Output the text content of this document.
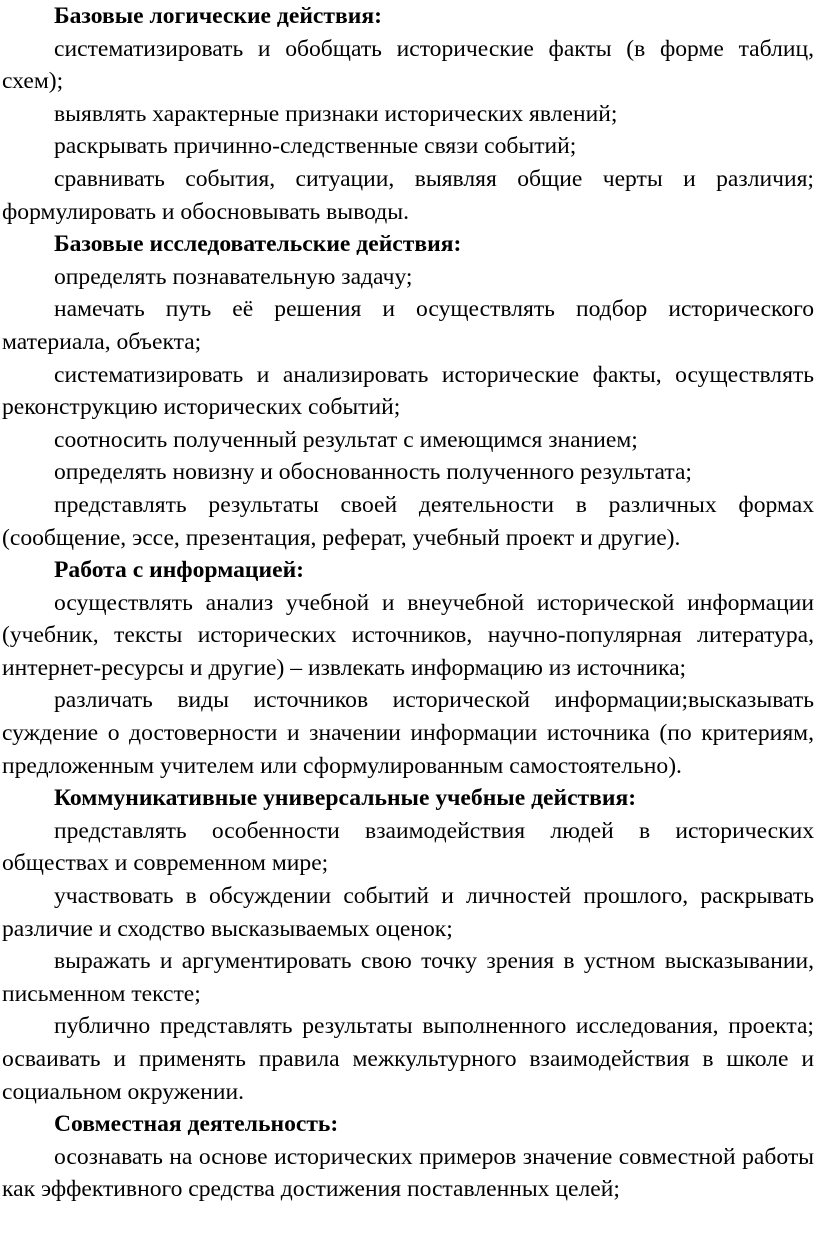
Базовые логические действия:

систематизировать и обобщать исторические факты (в форме таблиц, схем);

выявлять характерные признаки исторических явлений;

раскрывать причинно-следственные связи событий;

сравнивать события, ситуации, выявляя общие черты и различия; формулировать и обосновывать выводы.

Базовые исследовательские действия:

определять познавательную задачу;

намечать путь её решения и осуществлять подбор исторического материала, объекта;

систематизировать и анализировать исторические факты, осуществлять реконструкцию исторических событий;

соотносить полученный результат с имеющимся знанием;

определять новизну и обоснованность полученного результата;

представлять результаты своей деятельности в различных формах (сообщение, эссе, презентация, реферат, учебный проект и другие).

Работа с информацией:

осуществлять анализ учебной и внеучебной исторической информации (учебник, тексты исторических источников, научно-популярная литература, интернет-ресурсы и другие) – извлекать информацию из источника;

различать виды источников исторической информации;высказывать суждение о достоверности и значении информации источника (по критериям, предложенным учителем или сформулированным самостоятельно).

Коммуникативные универсальные учебные действия:

представлять особенности взаимодействия людей в исторических обществах и современном мире;

участвовать в обсуждении событий и личностей прошлого, раскрывать различие и сходство высказываемых оценок;

выражать и аргументировать свою точку зрения в устном высказывании, письменном тексте;

публично представлять результаты выполненного исследования, проекта; осваивать и применять правила межкультурного взаимодействия в школе и социальном окружении.

Совместная деятельность:

осознавать на основе исторических примеров значение совместной работы как эффективного средства достижения поставленных целей;
